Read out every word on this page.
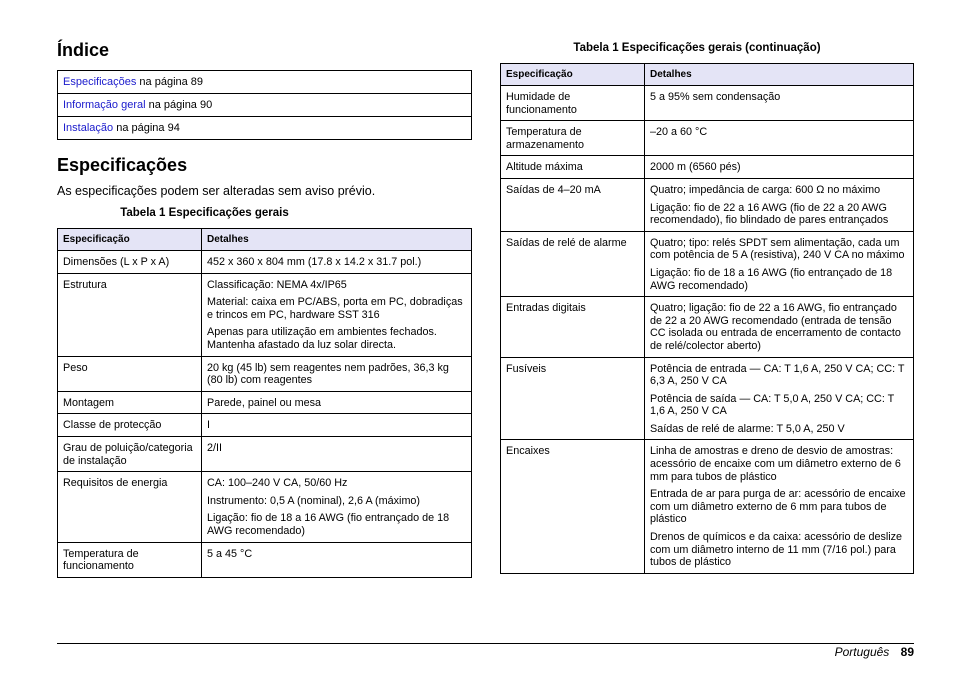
Índice
Especificações na página 89
Informação geral na página 90
Instalação na página 94
Especificações
As especificações podem ser alteradas sem aviso prévio.
Tabela 1 Especificações gerais
Especificação	Detalhes
Dimensões (L x P x A)	452 x 360 x 804 mm (17.8 x 14.2 x 31.7 pol.)

Estrutura	Classificação: NEMA 4x/IP65

Material: caixa em PC/ABS, porta em PC, dobradiças e trincos em PC, hardware SST 316

Apenas para utilização em ambientes fechados. Mantenha afastado da luz solar directa.

Peso	20 kg (45 lb) sem reagentes nem padrões, 36,3 kg (80 lb) com reagentes

Montagem	Parede, painel ou mesa

Classe de protecção	I

Grau de poluição/categoria de instalação	2/II

Requisitos de energia	CA: 100–240 V CA, 50/60 Hz

Instrumento: 0,5 A (nominal), 2,6 A (máximo)

Ligação: fio de 18 a 16 AWG (fio entrançado de 18 AWG recomendado)

Temperatura de funcionamento	5 a 45 °C

Tabela 1 Especificações gerais (continuação)
Especificação	Detalhes
Humidade de funcionamento	5 a 95% sem condensação

Temperatura de armazenamento	–20 a 60 °C

Altitude máxima	2000 m (6560 pés)

Saídas de 4–20 mA	Quatro; impedância de carga: 600 Ω no máximo

Ligação: fio de 22 a 16 AWG (fio de 22 a 20 AWG recomendado), fio blindado de pares entrançados

Saídas de relé de alarme	Quatro; tipo: relés SPDT sem alimentação, cada um com potência de 5 A (resistiva), 240 V CA no máximo

Ligação: fio de 18 a 16 AWG (fio entrançado de 18 AWG recomendado)

Entradas digitais	Quatro; ligação: fio de 22 a 16 AWG, fio entrançado de 22 a 20 AWG recomendado (entrada de tensão CC isolada ou entrada de encerramento de contacto de relé/colector aberto)

Fusíveis	Potência de entrada — CA: T 1,6 A, 250 V CA; CC: T 6,3 A, 250 V CA

Potência de saída — CA: T 5,0 A, 250 V CA; CC: T 1,6 A, 250 V CA

Saídas de relé de alarme: T 5,0 A, 250 V

Encaixes	Linha de amostras e dreno de desvio de amostras: acessório de encaixe com um diâmetro externo de 6 mm para tubos de plástico

Entrada de ar para purga de ar: acessório de encaixe com um diâmetro externo de 6 mm para tubos de plástico

Drenos de químicos e da caixa: acessório de deslize com um diâmetro interno de 11 mm (7/16 pol.) para tubos de plástico

Português 89
